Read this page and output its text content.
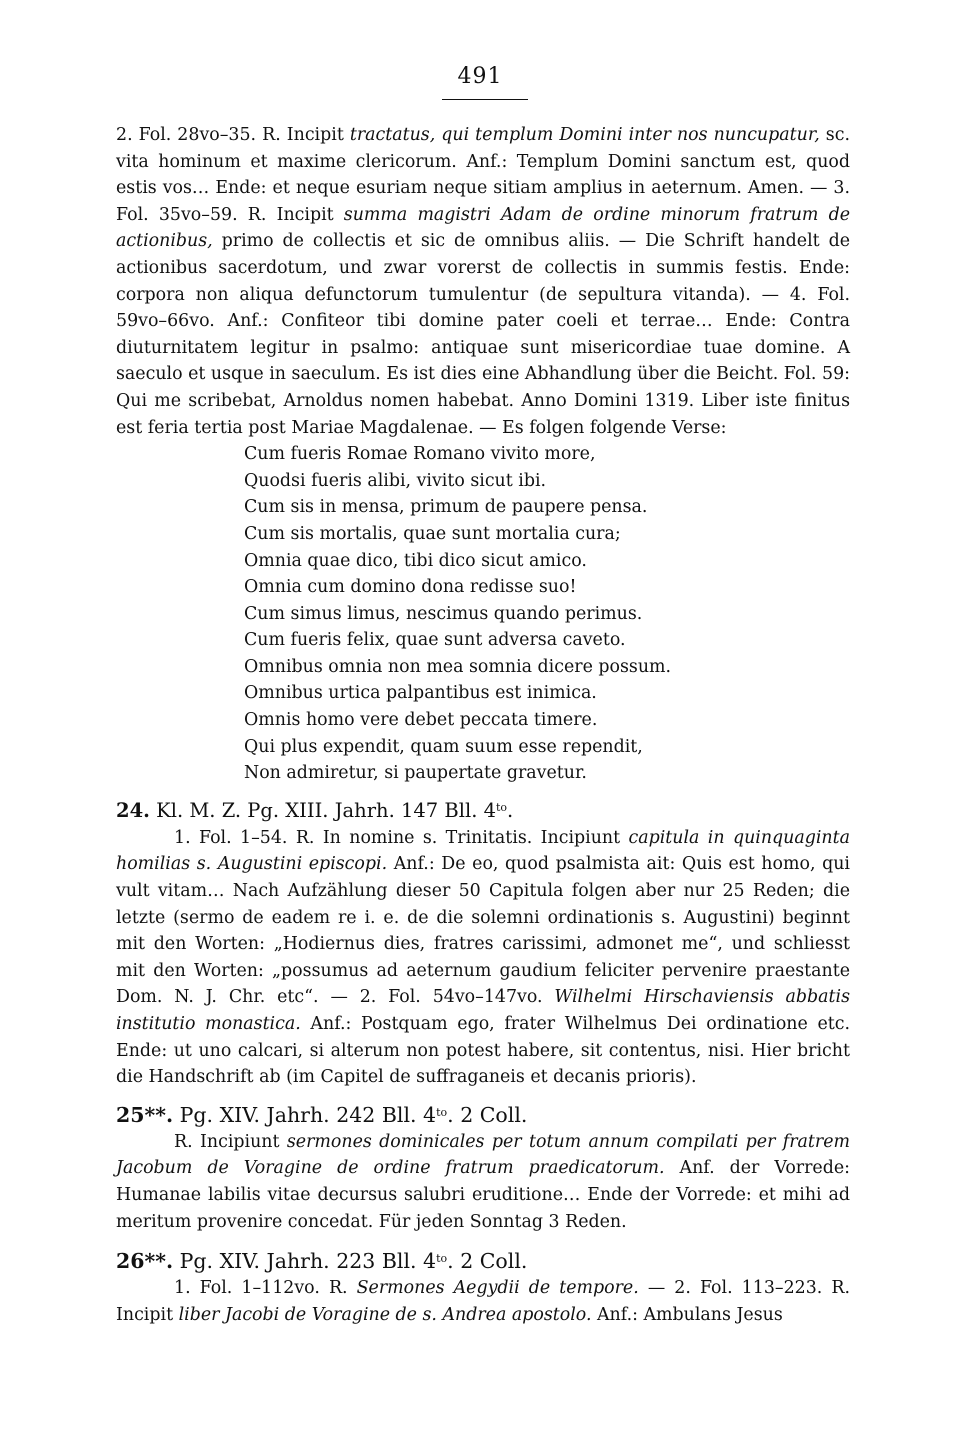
491

2. Fol. 28vo–35. R. Incipit tractatus, qui templum Domini inter nos nuncupatur, sc. vita hominum et maxime clericorum. Anf.: Templum Domini sanctum est, quod estis vos… Ende: et neque esuriam neque sitiam amplius in aeternum. Amen. — 3. Fol. 35vo–59. R. Incipit summa magistri Adam de ordine minorum fratrum de actionibus, primo de collectis et sic de omnibus aliis. — Die Schrift handelt de actionibus sacerdotum, und zwar vorerst de collectis in summis festis. Ende: corpora non aliqua defunctorum tumulentur (de sepultura vitanda). — 4. Fol. 59vo–66vo. Anf.: Confiteor tibi domine pater coeli et terrae… Ende: Contra diuturnitatem legitur in psalmo: antiquae sunt misericordiae tuae domine. A saeculo et usque in saeculum. Es ist dies eine Abhandlung über die Beicht. Fol. 59: Qui me scribebat, Arnoldus nomen habebat. Anno Domini 1319. Liber iste finitus est feria tertia post Mariae Magdalenae. — Es folgen folgende Verse:

Cum fueris Romae Romano vivito more,
Quodsi fueris alibi, vivito sicut ibi.
Cum sis in mensa, primum de paupere pensa.
Cum sis mortalis, quae sunt mortalia cura;
Omnia quae dico, tibi dico sicut amico.
Omnia cum domino dona redisse suo!
Cum simus limus, nescimus quando perimus.
Cum fueris felix, quae sunt adversa caveto.
Omnibus omnia non mea somnia dicere possum.
Omnibus urtica palpantibus est inimica.
Omnis homo vere debet peccata timere.
Qui plus expendit, quam suum esse rependit,
Non admiretur, si paupertate gravetur.
24. Kl. M. Z. Pg. XIII. Jahrh. 147 Bll. $4^{to}$.

1. Fol. 1–54. R. In nomine s. Trinitatis. Incipiunt capitula in quinquaginta homilias s. Augustini episcopi. Anf.: De eo, quod psalmista ait: Quis est homo, qui vult vitam… Nach Aufzählung dieser 50 Capitula folgen aber nur 25 Reden; die letzte (sermo de eadem re i. e. de die solemni ordinationis s. Augustini) beginnt mit den Worten: „Hodiernus dies, fratres carissimi, admonet me“, und schliesst mit den Worten: „possumus ad aeternum gaudium feliciter pervenire praestante Dom. N. J. Chr. etc“. — 2. Fol. 54vo–147vo. Wilhelmi Hirschaviensis abbatis institutio monastica. Anf.: Postquam ego, frater Wilhelmus Dei ordinatione etc. Ende: ut uno calcari, si alterum non potest habere, sit contentus, nisi. Hier bricht die Handschrift ab (im Capitel de suffraganeis et decanis prioris).

25**. Pg. XIV. Jahrh. 242 Bll. $4^{to}$. 2 Coll.

R. Incipiunt sermones dominicales per totum annum compilati per fratrem Jacobum de Voragine de ordine fratrum praedicatorum. Anf. der Vorrede: Humanae labilis vitae decursus salubri eruditione… Ende der Vorrede: et mihi ad meritum provenire concedat. Für jeden Sonntag 3 Reden.

26**. Pg. XIV. Jahrh. 223 Bll. $4^{to}$. 2 Coll.

1. Fol. 1–112vo. R. Sermones Aegydii de tempore. — 2. Fol. 113–223. R. Incipit liber Jacobi de Voragine de s. Andrea apostolo. Anf.: Ambulans Jesus
